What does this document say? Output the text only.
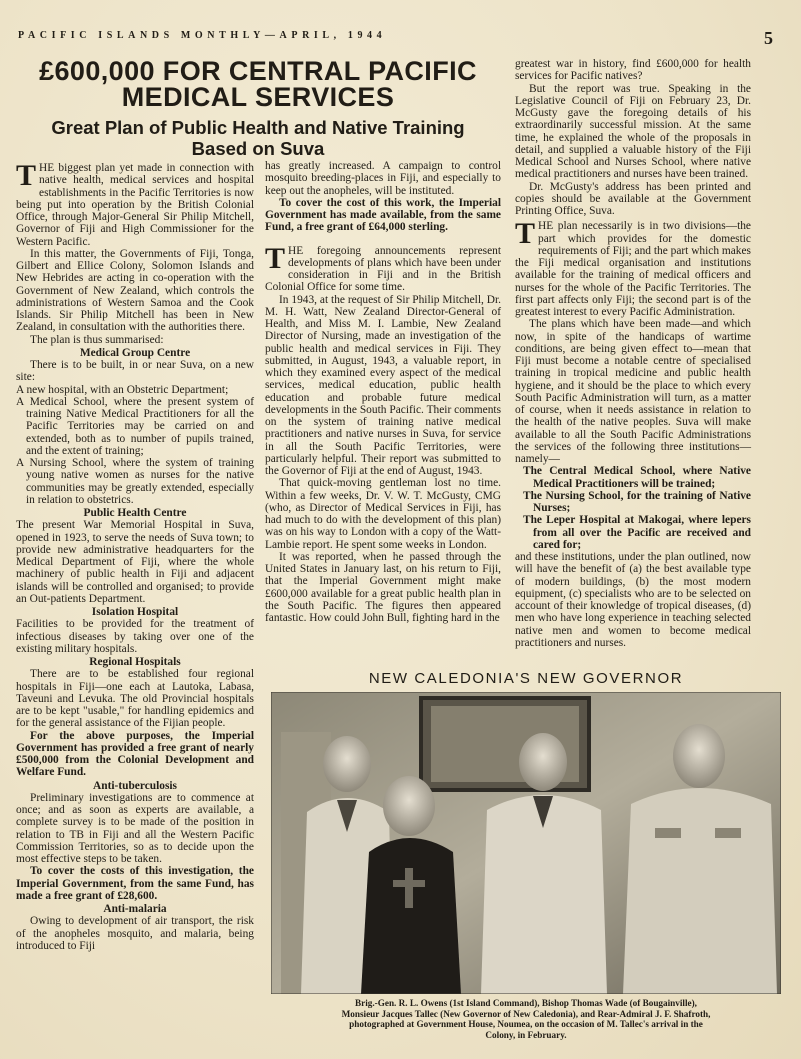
PACIFIC ISLANDS MONTHLY—APRIL, 1944	5
£600,000 FOR CENTRAL PACIFIC
MEDICAL SERVICES
Great Plan of Public Health and Native Training
Based on Suva

THE biggest plan yet made in connection with native health, medical services and hospital establishments in the Pacific Territories is now being put into operation by the British Colonial Office, through Major-General Sir Philip Mitchell, Governor of Fiji and High Commissioner for the Western Pacific.

In this matter, the Governments of Fiji, Tonga, Gilbert and Ellice Colony, Solomon Islands and New Hebrides are acting in co-operation with the Government of New Zealand, which controls the administrations of Western Samoa and the Cook Islands. Sir Philip Mitchell has been in New Zealand, in consultation with the authorities there.

The plan is thus summarised:

Medical Group Centre

There is to be built, in or near Suva, on a new site:

A new hospital, with an Obstetric Department;

A Medical School, where the present system of training Native Medical Practitioners for all the Pacific Territories may be carried on and extended, both as to number of pupils trained, and the extent of training;

A Nursing School, where the system of training young native women as nurses for the native communities may be greatly extended, especially in relation to obstetrics.

Public Health Centre

The present War Memorial Hospital in Suva, opened in 1923, to serve the needs of Suva town; to provide new administrative headquarters for the Medical Department of Fiji, where the whole machinery of public health in Fiji and adjacent islands will be controlled and organised; to provide an Out-patients Department.

Isolation Hospital

Facilities to be provided for the treatment of infectious diseases by taking over one of the existing military hospitals.

Regional Hospitals

There are to be established four regional hospitals in Fiji—one each at Lautoka, Labasa, Taveuni and Levuka. The old Provincial hospitals are to be kept "usable," for handling epidemics and for the general assistance of the Fijian people.

For the above purposes, the Imperial Government has provided a free grant of nearly £500,000 from the Colonial Development and Welfare Fund.

Anti-tuberculosis

Preliminary investigations are to commence at once; and as soon as experts are available, a complete survey is to be made of the position in relation to TB in Fiji and all the Western Pacific Commission Territories, so as to decide upon the most effective steps to be taken.

To cover the costs of this investigation, the Imperial Government, from the same Fund, has made a free grant of £28,600.

Anti-malaria

Owing to development of air transport, the risk of the anopheles mosquito, and malaria, being introduced to Fiji

has greatly increased. A campaign to control mosquito breeding-places in Fiji, and especially to keep out the anopheles, will be instituted.

To cover the cost of this work, the Imperial Government has made available, from the same Fund, a free grant of £64,000 sterling.

THE foregoing announcements represent developments of plans which have been under consideration in Fiji and in the British Colonial Office for some time.

In 1943, at the request of Sir Philip Mitchell, Dr. M. H. Watt, New Zealand Director-General of Health, and Miss M. I. Lambie, New Zealand Director of Nursing, made an investigation of the public health and medical services in Fiji. They submitted, in August, 1943, a valuable report, in which they examined every aspect of the medical services, medical education, public health education and probable future medical developments in the South Pacific. Their comments on the system of training native medical practitioners and native nurses in Suva, for service in all the South Pacific Territories, were particularly helpful. Their report was submitted to the Governor of Fiji at the end of August, 1943.

That quick-moving gentleman lost no time. Within a few weeks, Dr. V. W. T. McGusty, CMG (who, as Director of Medical Services in Fiji, has had much to do with the development of this plan) was on his way to London with a copy of the Watt-Lambie report. He spent some weeks in London.

It was reported, when he passed through the United States in January last, on his return to Fiji, that the Imperial Government might make £600,000 available for a great public health plan in the South Pacific. The figures then appeared fantastic. How could John Bull, fighting hard in the

greatest war in history, find £600,000 for health services for Pacific natives?

But the report was true. Speaking in the Legislative Council of Fiji on February 23, Dr. McGusty gave the foregoing details of his extraordinarily successful mission. At the same time, he explained the whole of the proposals in detail, and supplied a valuable history of the Fiji Medical School and Nurses School, where native medical practitioners and nurses have been trained.

Dr. McGusty's address has been printed and copies should be available at the Government Printing Office, Suva.

THE plan necessarily is in two divisions—the part which provides for the domestic requirements of Fiji; and the part which makes the Fiji medical organisation and institutions available for the training of medical officers and nurses for the whole of the Pacific Territories. The first part affects only Fiji; the second part is of the greatest interest to every Pacific Administration.

The plans which have been made—and which now, in spite of the handicaps of wartime conditions, are being given effect to—mean that Fiji must become a notable centre of specialised training in tropical medicine and public health hygiene, and it should be the place to which every South Pacific Administration will turn, as a matter of course, when it needs assistance in relation to the health of the native peoples. Suva will make available to all the South Pacific Administrations the services of the following three institutions—namely—

The Central Medical School, where Native Medical Practitioners will be trained;

The Nursing School, for the training of Native Nurses;

The Leper Hospital at Makogai, where lepers from all over the Pacific are received and cared for;

and these institutions, under the plan outlined, now will have the benefit of (a) the best available type of modern buildings, (b) the most modern equipment, (c) specialists who are to be selected on account of their knowledge of tropical diseases, (d) men who have long experience in teaching selected native men and women to become medical practitioners and nurses.

NEW CALEDONIA'S NEW GOVERNOR
Brig.-Gen. R. L. Owens (1st Island Command), Bishop Thomas Wade (of Bougainville),
Monsieur Jacques Tallec (New Governor of New Caledonia), and Rear-Admiral J. F. Shafroth,
photographed at Government House, Noumea, on the occasion of M. Tallec's arrival in the
Colony, in February.
